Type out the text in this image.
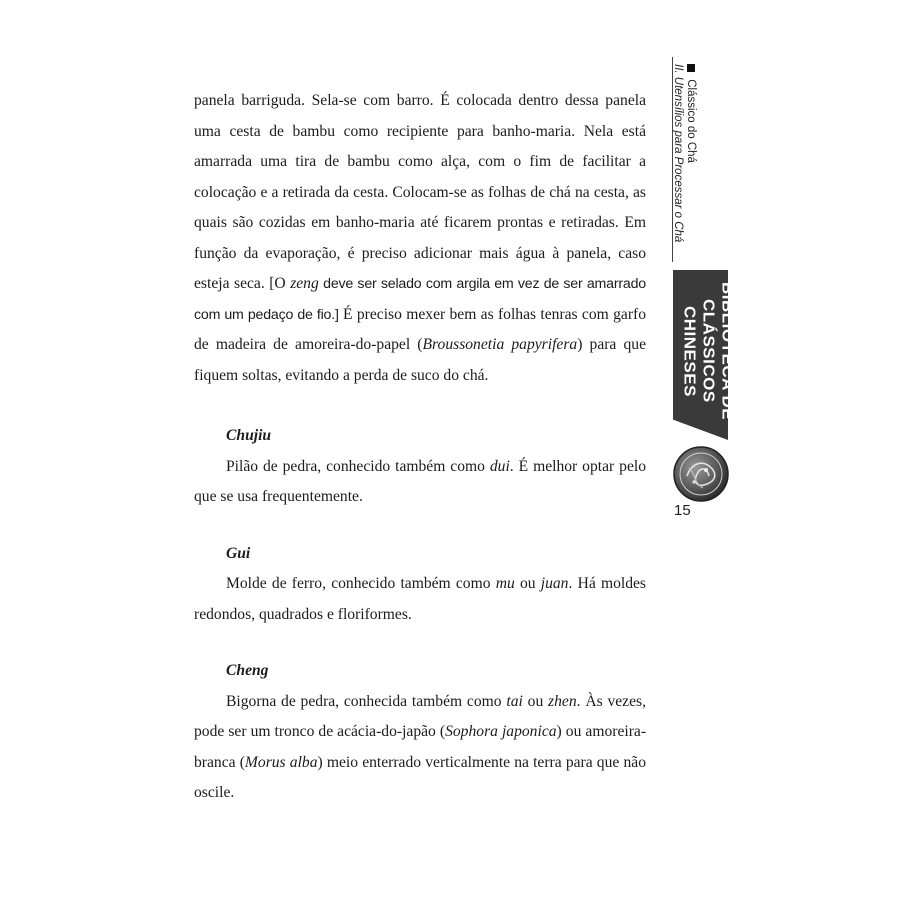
panela barriguda. Sela-se com barro. É colocada dentro dessa panela uma cesta de bambu como recipiente para banho-maria. Nela está amarrada uma tira de bambu como alça, com o fim de facilitar a colocação e a retirada da cesta. Colocam-se as folhas de chá na cesta, as quais são cozidas em banho-maria até ficarem prontas e retiradas. Em função da evaporação, é preciso adicionar mais água à panela, caso esteja seca. [O zeng deve ser selado com argila em vez de ser amarrado com um pedaço de fio.] É preciso mexer bem as folhas tenras com garfo de madeira de amoreira-do-papel (Broussonetia papyrifera) para que fiquem soltas, evitando a perda de suco do chá.

Chujiu

Pilão de pedra, conhecido também como dui. É melhor optar pelo que se usa frequentemente.

Gui

Molde de ferro, conhecido também como mu ou juan. Há moldes redondos, quadrados e floriformes.

Cheng

Bigorna de pedra, conhecida também como tai ou zhen. Às vezes, pode ser um tronco de acácia-do-japão (Sophora japonica) ou amoreira-branca (Morus alba) meio enterrado verticalmente na terra para que não oscile.

Clássico do Chá
II. Utensílios para Processar o Chá
BIBLIOTECA DE
CLÁSSICOS CHINESES
15
